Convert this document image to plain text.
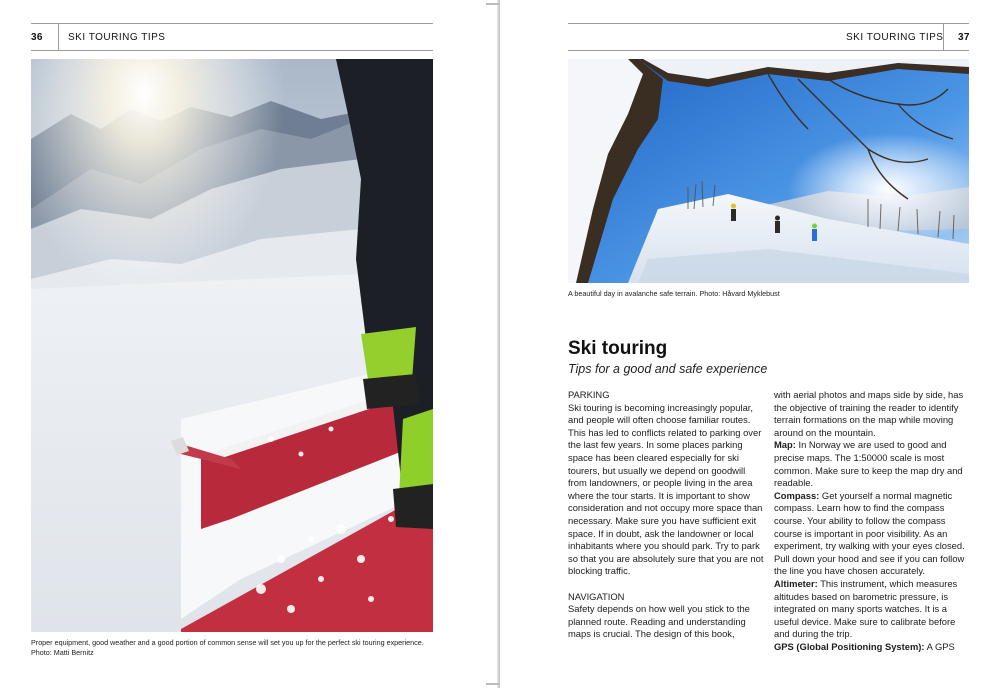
36	SKI TOURING TIPS
Proper equipment, good weather and a good portion of common sense will set you up for the perfect ski touring experience. Photo: Matti Bernitz
SKI TOURING TIPS 37
A beautiful day in avalanche safe terrain. Photo: Håvard Myklebust
Ski touring
Tips for a good and safe experience

PARKING

Ski touring is becoming increasingly popular, and people will often choose familiar routes. This has led to conflicts related to parking over the last few years. In some places parking space has been cleared especially for ski tourers, but usually we depend on goodwill from landowners, or people living in the area where the tour starts. It is important to show consideration and not occupy more space than necessary. Make sure you have sufficient exit space. If in doubt, ask the landowner or local inhabitants where you should park. Try to park so that you are absolutely sure that you are not blocking traffic.

NAVIGATION

Safety depends on how well you stick to the planned route. Reading and understanding maps is crucial. The design of this book,

with aerial photos and maps side by side, has the objective of training the reader to identify terrain formations on the map while moving around on the mountain.

Map: In Norway we are used to good and precise maps. The 1:50000 scale is most common. Make sure to keep the map dry and readable.

Compass: Get yourself a normal magnetic compass. Learn how to find the compass course. Your ability to follow the compass course is important in poor visibility. As an experiment, try walking with your eyes closed. Pull down your hood and see if you can follow the line you have chosen accurately.

Altimeter: This instrument, which measures altitudes based on barometric pressure, is integrated on many sports watches. It is a useful device. Make sure to calibrate before and during the trip.

GPS (Global Positioning System): A GPS
